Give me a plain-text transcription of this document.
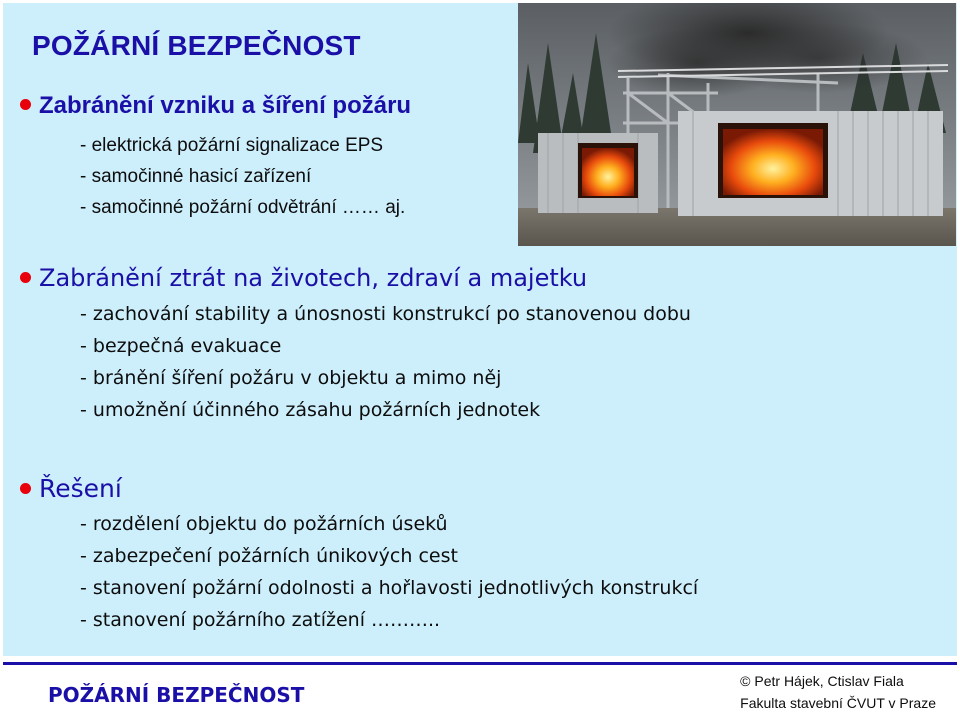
POŽÁRNÍ BEZPEČNOST
Zabránění vzniku a šíření požáru
- elektrická požární signalizace EPS
- samočinné hasicí zařízení
- samočinné požární odvětrání …… aj.
Zabránění ztrát na životech, zdraví a majetku
- zachování stability a únosnosti konstrukcí po stanovenou dobu
- bezpečná evakuace
- bránění šíření požáru v objektu a mimo něj
- umožnění účinného zásahu požárních jednotek
Řešení
- rozdělení objektu do požárních úseků
- zabezpečení požárních únikových cest
- stanovení požární odolnosti a hořlavosti jednotlivých konstrukcí
- stanovení požárního zatížení ………..
POŽÁRNÍ BEZPEČNOST
© Petr Hájek, Ctislav Fiala
Fakulta stavební ČVUT v Praze
